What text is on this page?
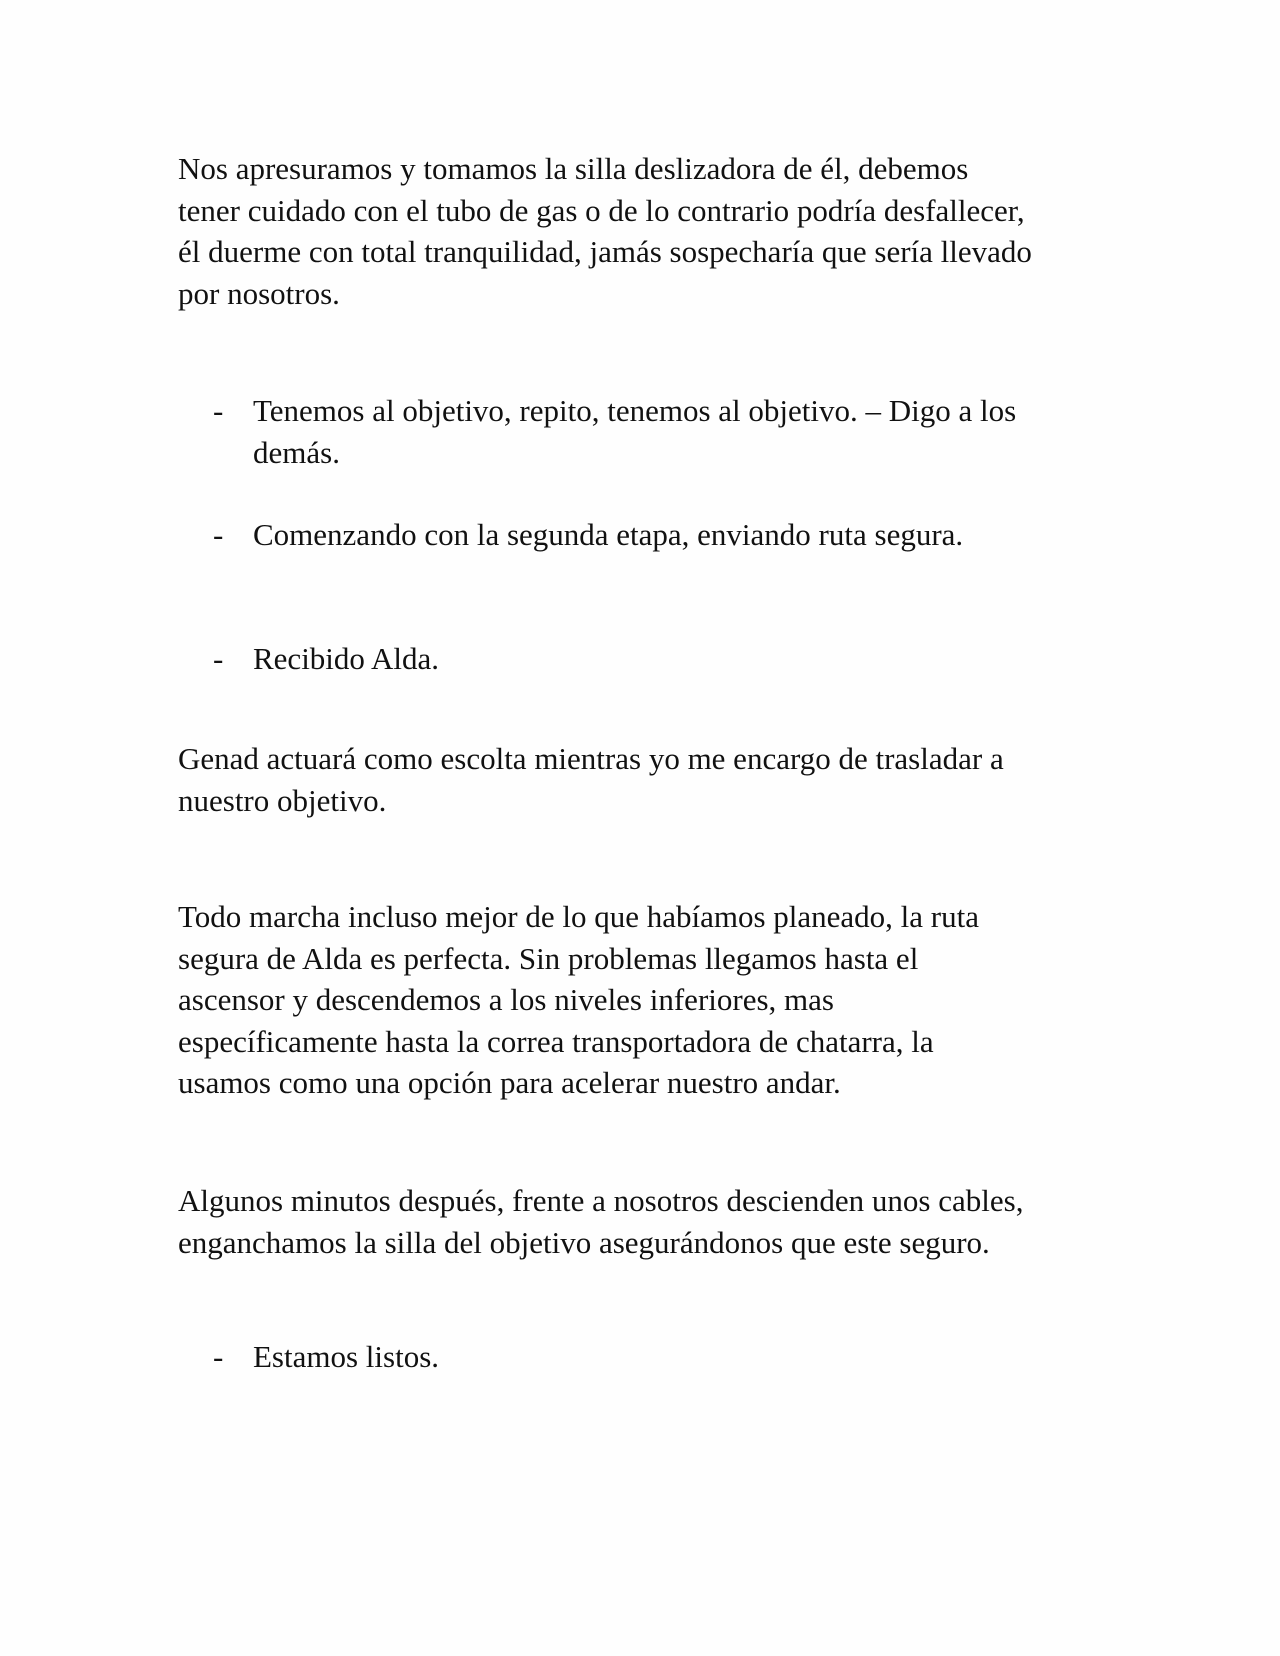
Nos apresuramos y tomamos la silla deslizadora de él, debemos
tener cuidado con el tubo de gas o de lo contrario podría desfallecer,
él duerme con total tranquilidad, jamás sospecharía que sería llevado
por nosotros.
- Tenemos al objetivo, repito, tenemos al objetivo. – Digo a los
demás.
- Comenzando con la segunda etapa, enviando ruta segura.
- Recibido Alda.
Genad actuará como escolta mientras yo me encargo de trasladar a
nuestro objetivo.
Todo marcha incluso mejor de lo que habíamos planeado, la ruta
segura de Alda es perfecta. Sin problemas llegamos hasta el
ascensor y descendemos a los niveles inferiores, mas
específicamente hasta la correa transportadora de chatarra, la
usamos como una opción para acelerar nuestro andar.
Algunos minutos después, frente a nosotros descienden unos cables,
enganchamos la silla del objetivo asegurándonos que este seguro.
- Estamos listos.
